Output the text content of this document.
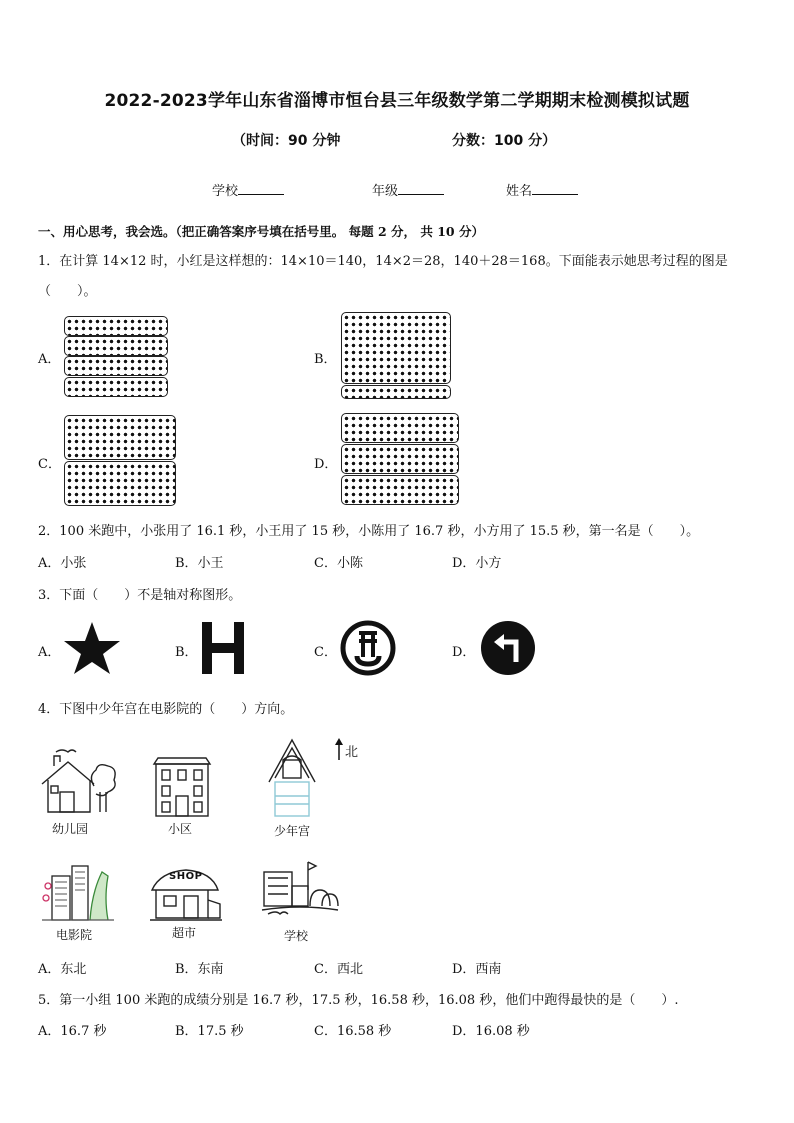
2022-2023学年山东省淄博市恒台县三年级数学第二学期期末检测模拟试题
（时间：90 分钟	分数：100 分）
学校	年级	姓名
一、用心思考，我会选。（把正确答案序号填在括号里。 每题 2 分， 共 10 分）
1．在计算 14×12 时，小红是这样想的：14×10＝140，14×2＝28，140＋28＝168。下面能表示她思考过程的图是
（　　）。
A．	B．
C．	D．
2．100 米跑中，小张用了 16.1 秒，小王用了 15 秒，小陈用了 16.7 秒，小方用了 15.5 秒，第一名是（　　）。
A．小张	B．小王	C．小陈	D．小方
3．下面（　　）不是轴对称图形。
A．	B．	C．	D．
4．下图中少年宫在电影院的（　　）方向。
北
幼儿园	小区	少年宫
电影院
SHOP
超市	学校
A．东北	B．东南	C．西北	D．西南
5．第一小组 100 米跑的成绩分别是 16.7 秒，17.5 秒，16.58 秒，16.08 秒，他们中跑得最快的是（　　）.
A．16.7 秒	B．17.5 秒	C．16.58 秒	D．16.08 秒
